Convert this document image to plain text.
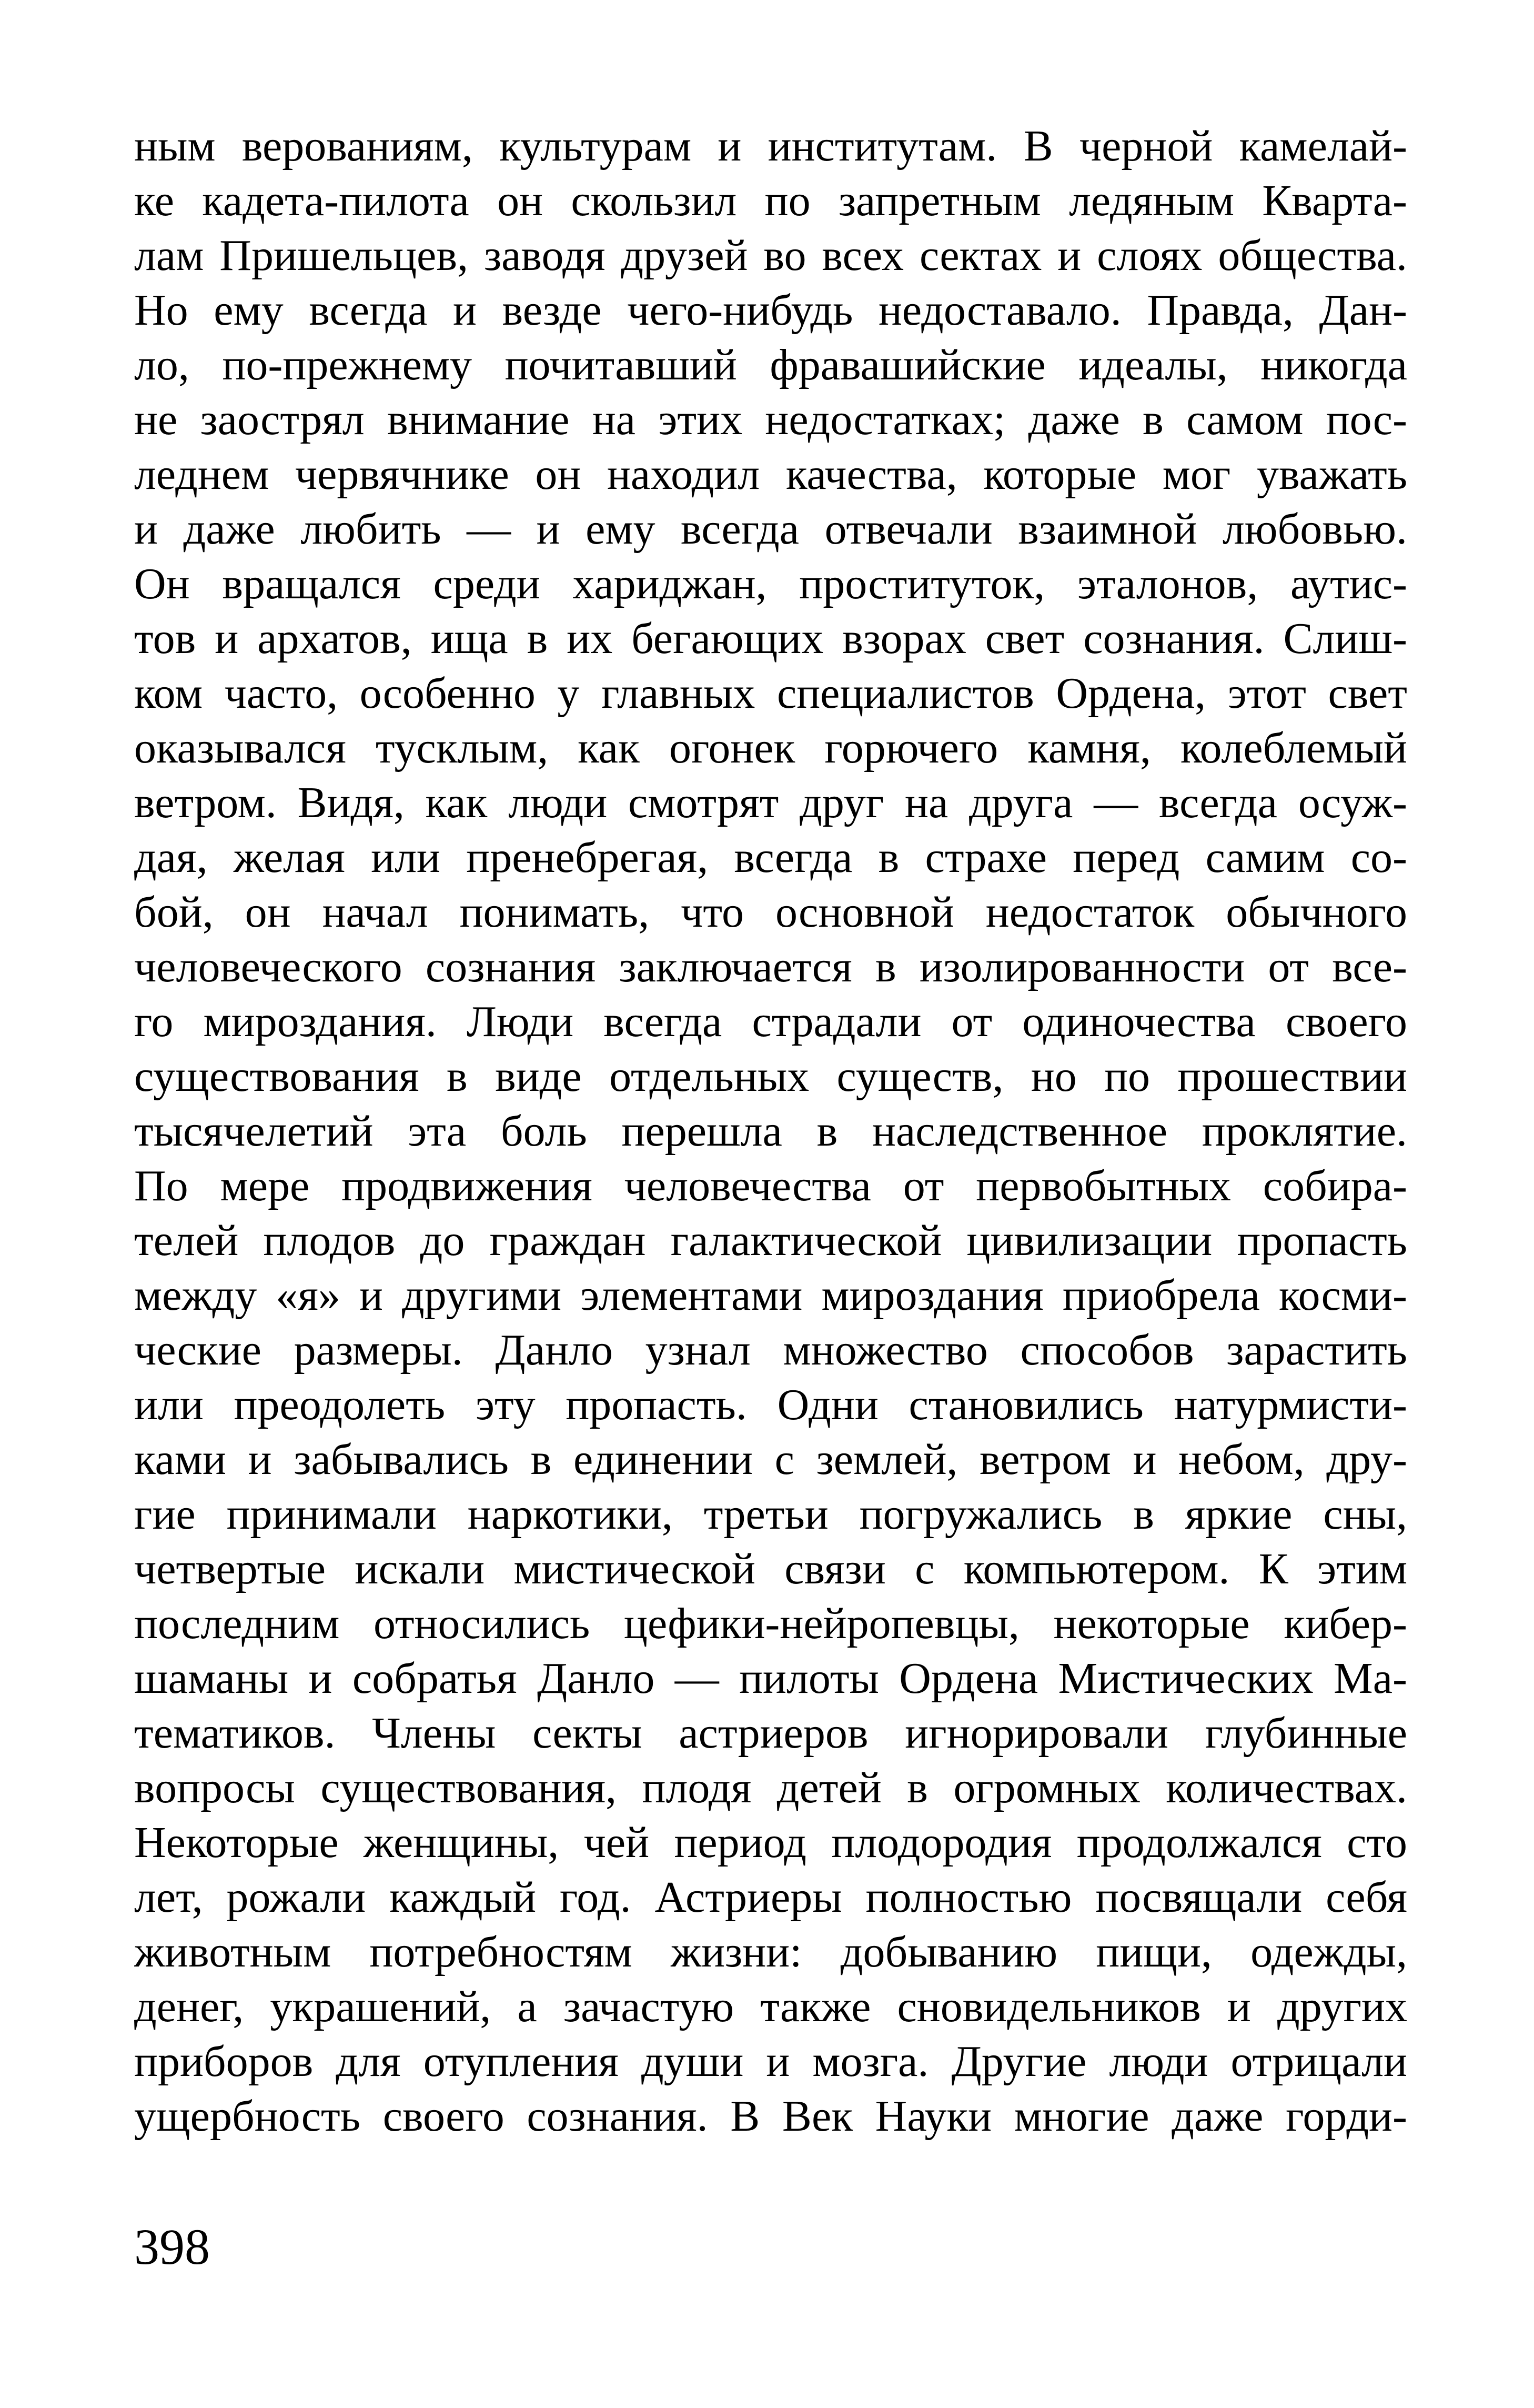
ным верованиям, культурам и институтам. В черной камелай-
ке кадета-пилота он скользил по запретным ледяным Кварта-
лам Пришельцев, заводя друзей во всех сектах и слоях общества.
Но ему всегда и везде чего-нибудь недоставало. Правда, Дан-
ло, по-прежнему почитавший фравашийские идеалы, никогда
не заострял внимание на этих недостатках; даже в самом пос-
леднем червячнике он находил качества, которые мог уважать
и даже любить — и ему всегда отвечали взаимной любовью.
Он вращался среди хариджан, проституток, эталонов, аутис-
тов и архатов, ища в их бегающих взорах свет сознания. Слиш-
ком часто, особенно у главных специалистов Ордена, этот свет
оказывался тусклым, как огонек горючего камня, колеблемый
ветром. Видя, как люди смотрят друг на друга — всегда осуж-
дая, желая или пренебрегая, всегда в страхе перед самим со-
бой, он начал понимать, что основной недостаток обычного
человеческого сознания заключается в изолированности от все-
го мироздания. Люди всегда страдали от одиночества своего
существования в виде отдельных существ, но по прошествии
тысячелетий эта боль перешла в наследственное проклятие.
По мере продвижения человечества от первобытных собира-
телей плодов до граждан галактической цивилизации пропасть
между «я» и другими элементами мироздания приобрела косми-
ческие размеры. Данло узнал множество способов зарастить
или преодолеть эту пропасть. Одни становились натурмисти-
ками и забывались в единении с землей, ветром и небом, дру-
гие принимали наркотики, третьи погружались в яркие сны,
четвертые искали мистической связи с компьютером. К этим
последним относились цефики-нейропевцы, некоторые кибер-
шаманы и собратья Данло — пилоты Ордена Мистических Ма-
тематиков. Члены секты астриеров игнорировали глубинные
вопросы существования, плодя детей в огромных количествах.
Некоторые женщины, чей период плодородия продолжался сто
лет, рожали каждый год. Астриеры полностью посвящали себя
животным потребностям жизни: добыванию пищи, одежды,
денег, украшений, а зачастую также сновидельников и других
приборов для отупления души и мозга. Другие люди отрицали
ущербность своего сознания. В Век Науки многие даже горди-

398
